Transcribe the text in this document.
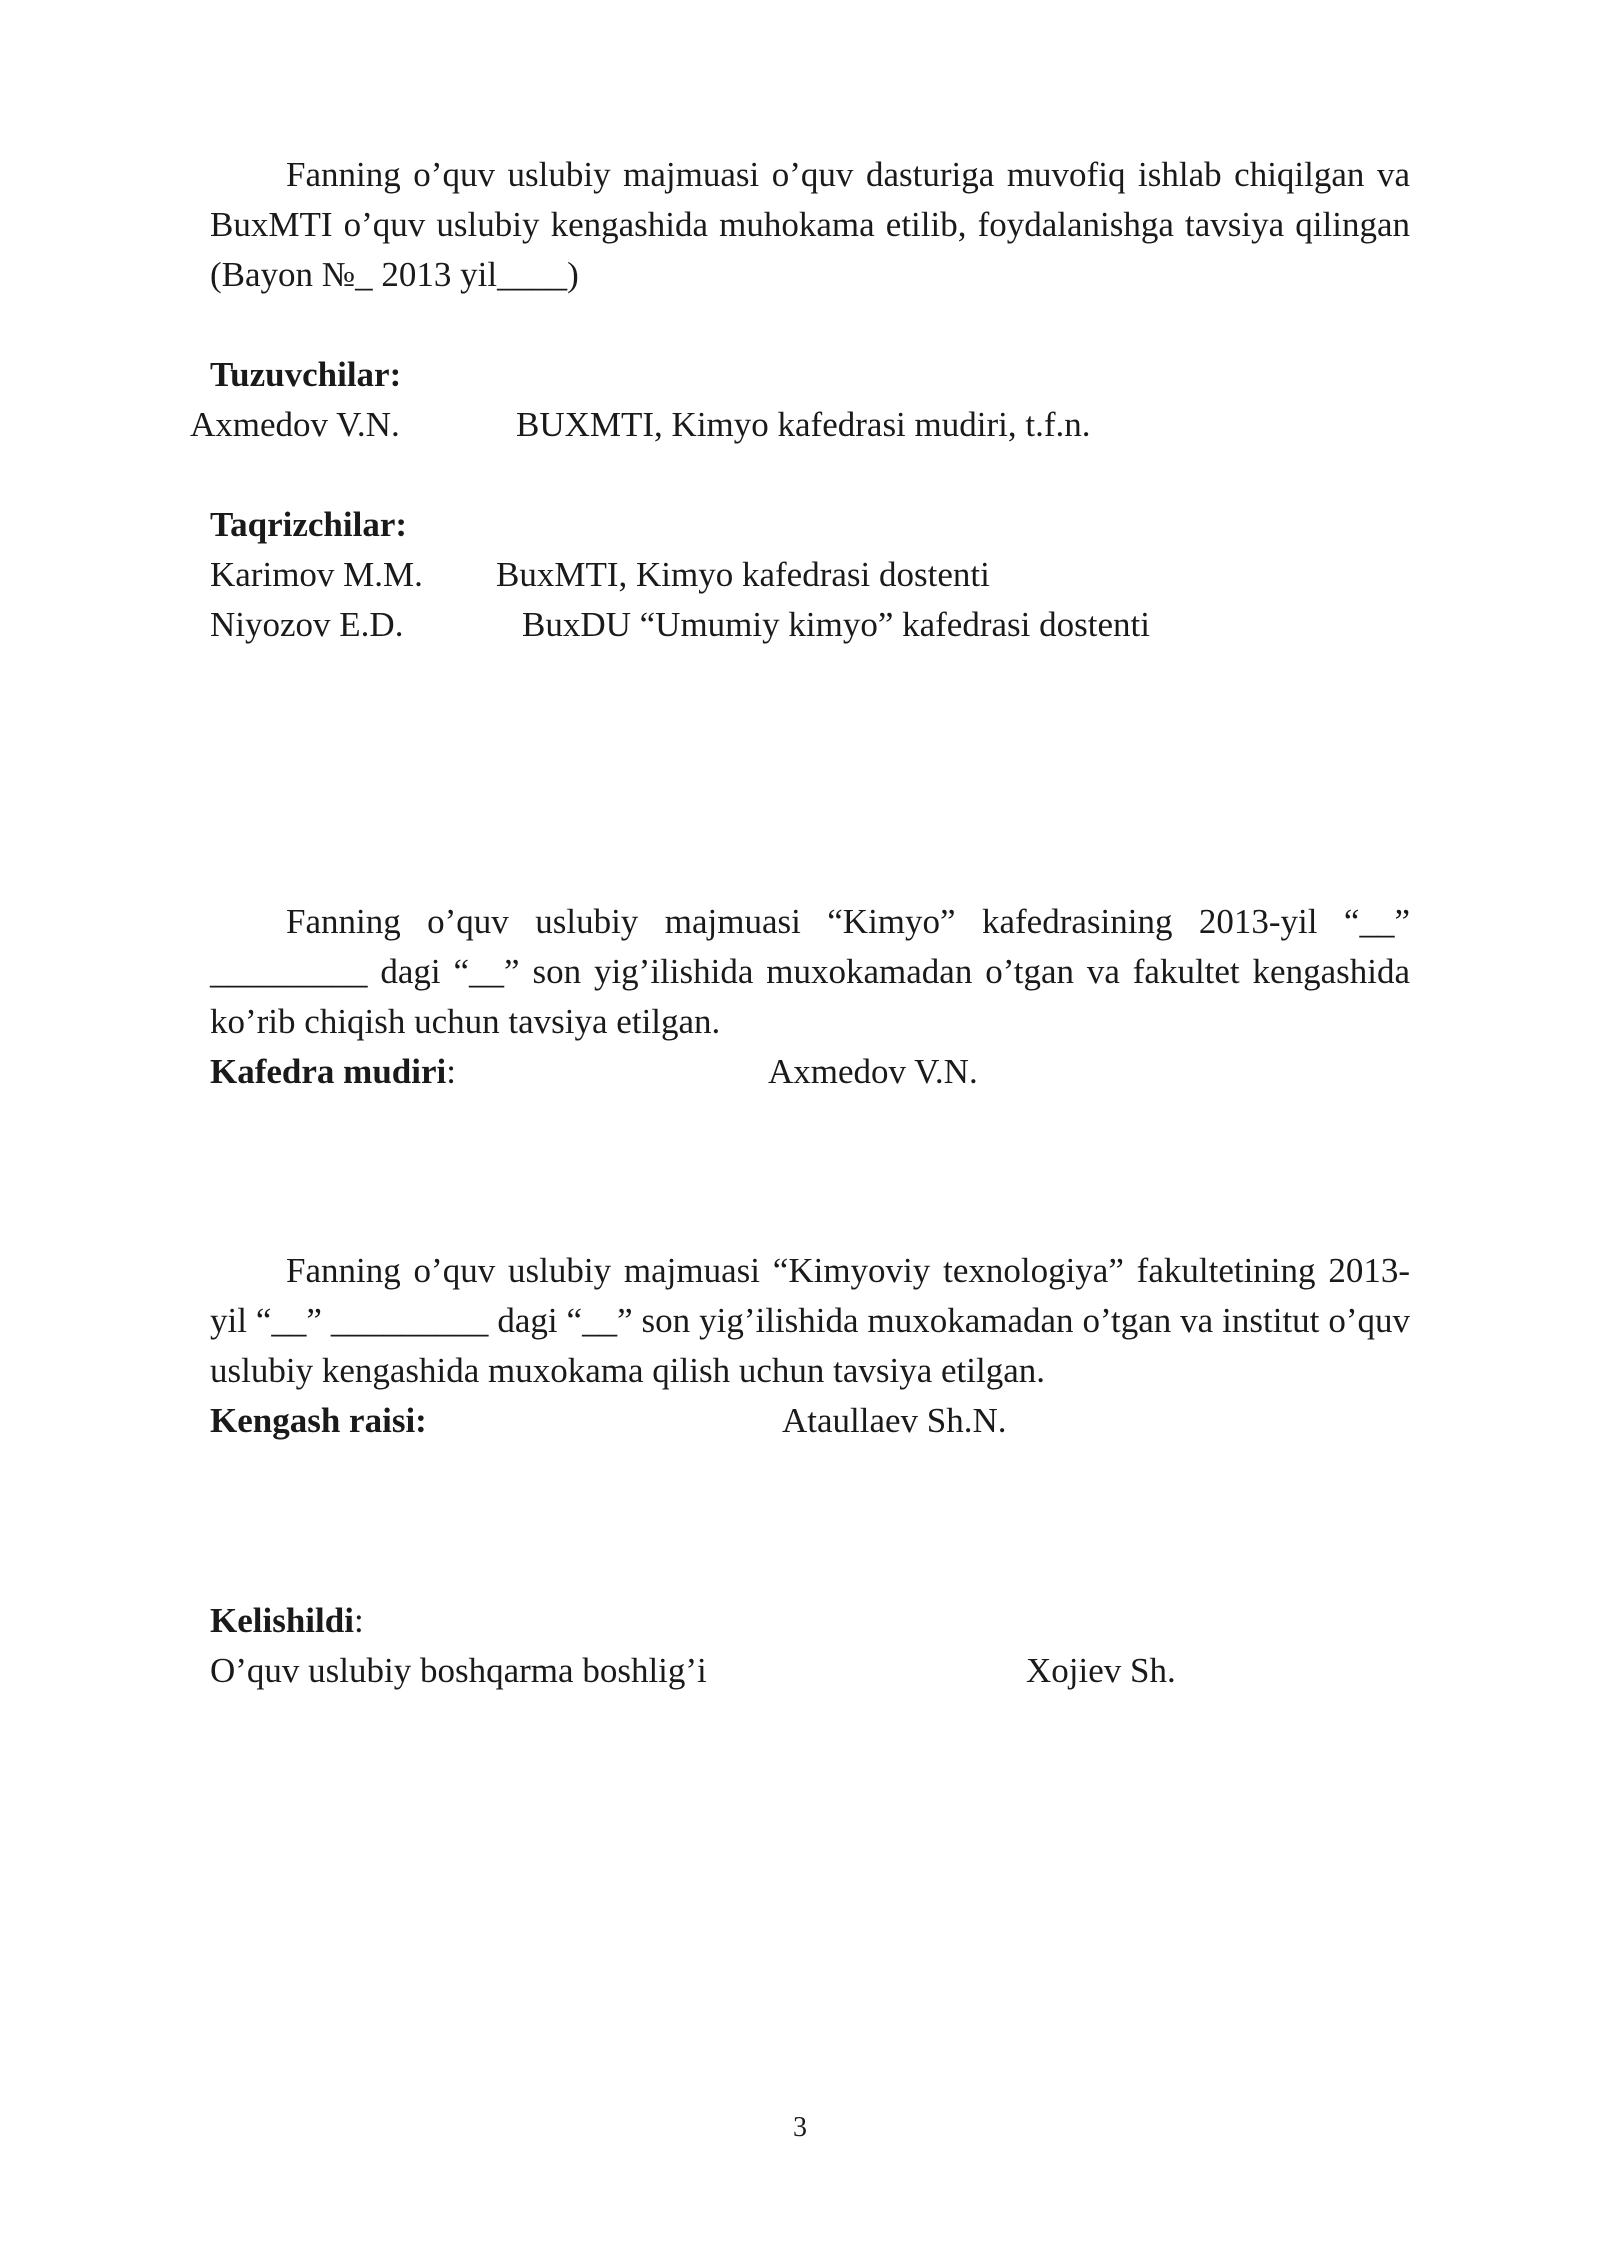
Fanning o’quv uslubiy majmuasi o’quv dasturiga muvofiq ishlab chiqilgan va BuxMTI o’quv uslubiy kengashida muhokama etilib, foydalanishga tavsiya qilingan (Bayon №_ 2013 yil____)

Tuzuvchilar:
Axmedov V.N.	BUXMTI, Kimyo kafedrasi mudiri, t.f.n.
Taqrizchilar:
Karimov M.M. BuxMTI, Kimyo kafedrasi dostenti
Niyozov E.D.	BuxDU “Umumiy kimyo” kafedrasi dostenti

Fanning o’quv uslubiy majmuasi “Kimyo” kafedrasining 2013-yil “__” _________ dagi “__” son yig’ilishida muxokamadan o’tgan va fakultet kengashida ko’rib chiqish uchun tavsiya etilgan.

Kafedra mudiri:	Axmedov V.N.

Fanning o’quv uslubiy majmuasi “Kimyoviy texnologiya” fakultetining 2013-yil “__” _________ dagi “__” son yig’ilishida muxokamadan o’tgan va institut o’quv uslubiy kengashida muxokama qilish uchun tavsiya etilgan.

Kengash raisi:	Ataullaev Sh.N.
Kelishildi:
O’quv uslubiy boshqarma boshlig’i	Xojiev Sh.
3
